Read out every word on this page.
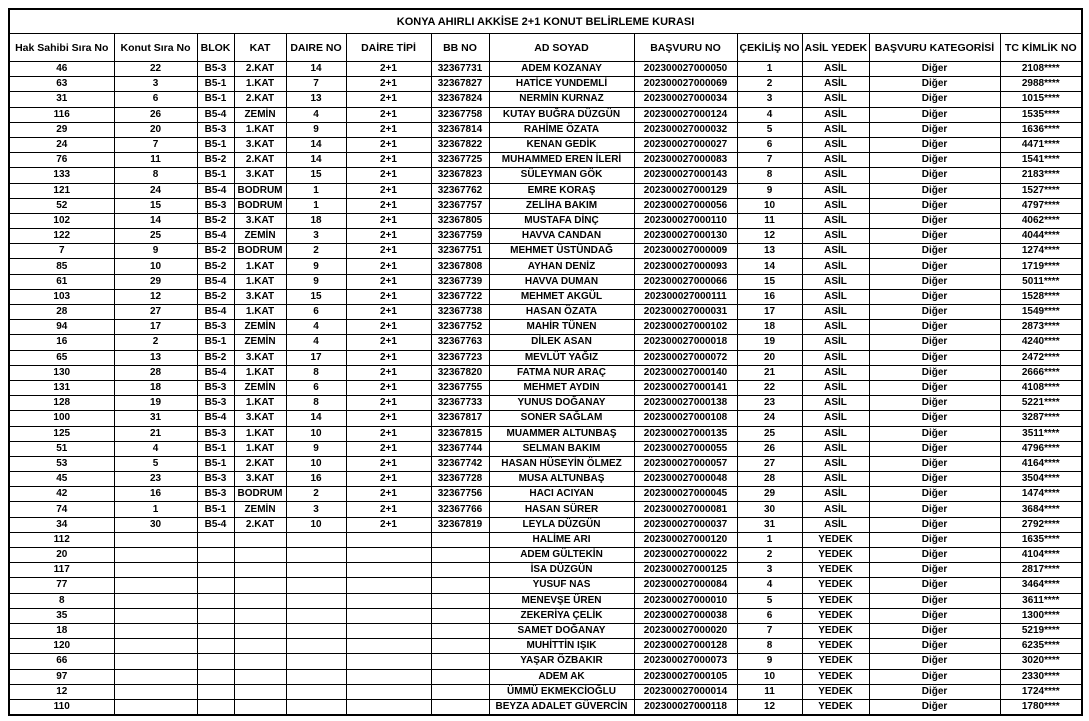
KONYA AHIRLI AKKİSE 2+1 KONUT BELİRLEME KURASI												
Hak Sahibi Sıra No	Konut Sıra No	BLOK	KAT	DAIRE NO	DAİRE TİPİ	BB NO	AD SOYAD	BAŞVURU NO	ÇEKİLİŞ NO	ASİL YEDEK	BAŞVURU KATEGORİSİ	TC KİMLİK NO
46	22	B5-3	2.KAT	14	2+1	32367731	ADEM KOZANAY	202300027000050	1	ASİL	Diğer	2108****
63	3	B5-1	1.KAT	7	2+1	32367827	HATİCE YUNDEMLİ	202300027000069	2	ASİL	Diğer	2988****
31	6	B5-1	2.KAT	13	2+1	32367824	NERMİN KURNAZ	202300027000034	3	ASİL	Diğer	1015****
116	26	B5-4	ZEMİN	4	2+1	32367758	KUTAY BUĞRA DÜZGÜN	202300027000124	4	ASİL	Diğer	1535****
29	20	B5-3	1.KAT	9	2+1	32367814	RAHİME ÖZATA	202300027000032	5	ASİL	Diğer	1636****
24	7	B5-1	3.KAT	14	2+1	32367822	KENAN GEDİK	202300027000027	6	ASİL	Diğer	4471****
76	11	B5-2	2.KAT	14	2+1	32367725	MUHAMMED EREN İLERİ	202300027000083	7	ASİL	Diğer	1541****
133	8	B5-1	3.KAT	15	2+1	32367823	SÜLEYMAN GÖK	202300027000143	8	ASİL	Diğer	2183****
121	24	B5-4	BODRUM	1	2+1	32367762	EMRE KORAŞ	202300027000129	9	ASİL	Diğer	1527****
52	15	B5-3	BODRUM	1	2+1	32367757	ZELİHA BAKIM	202300027000056	10	ASİL	Diğer	4797****
102	14	B5-2	3.KAT	18	2+1	32367805	MUSTAFA DİNÇ	202300027000110	11	ASİL	Diğer	4062****
122	25	B5-4	ZEMİN	3	2+1	32367759	HAVVA CANDAN	202300027000130	12	ASİL	Diğer	4044****
7	9	B5-2	BODRUM	2	2+1	32367751	MEHMET ÜSTÜNDAĞ	202300027000009	13	ASİL	Diğer	1274****
85	10	B5-2	1.KAT	9	2+1	32367808	AYHAN DENİZ	202300027000093	14	ASİL	Diğer	1719****
61	29	B5-4	1.KAT	9	2+1	32367739	HAVVA DUMAN	202300027000066	15	ASİL	Diğer	5011****
103	12	B5-2	3.KAT	15	2+1	32367722	MEHMET AKGÜL	202300027000111	16	ASİL	Diğer	1528****
28	27	B5-4	1.KAT	6	2+1	32367738	HASAN ÖZATA	202300027000031	17	ASİL	Diğer	1549****
94	17	B5-3	ZEMİN	4	2+1	32367752	MAHİR TÜNEN	202300027000102	18	ASİL	Diğer	2873****
16	2	B5-1	ZEMİN	4	2+1	32367763	DİLEK ASAN	202300027000018	19	ASİL	Diğer	4240****
65	13	B5-2	3.KAT	17	2+1	32367723	MEVLÜT YAĞIZ	202300027000072	20	ASİL	Diğer	2472****
130	28	B5-4	1.KAT	8	2+1	32367820	FATMA NUR ARAÇ	202300027000140	21	ASİL	Diğer	2666****
131	18	B5-3	ZEMİN	6	2+1	32367755	MEHMET AYDIN	202300027000141	22	ASİL	Diğer	4108****
128	19	B5-3	1.KAT	8	2+1	32367733	YUNUS DOĞANAY	202300027000138	23	ASİL	Diğer	5221****
100	31	B5-4	3.KAT	14	2+1	32367817	SONER SAĞLAM	202300027000108	24	ASİL	Diğer	3287****
125	21	B5-3	1.KAT	10	2+1	32367815	MUAMMER ALTUNBAŞ	202300027000135	25	ASİL	Diğer	3511****
51	4	B5-1	1.KAT	9	2+1	32367744	SELMAN BAKIM	202300027000055	26	ASİL	Diğer	4796****
53	5	B5-1	2.KAT	10	2+1	32367742	HASAN HÜSEYİN ÖLMEZ	202300027000057	27	ASİL	Diğer	4164****
45	23	B5-3	3.KAT	16	2+1	32367728	MUSA ALTUNBAŞ	202300027000048	28	ASİL	Diğer	3504****
42	16	B5-3	BODRUM	2	2+1	32367756	HACI ACIYAN	202300027000045	29	ASİL	Diğer	1474****
74	1	B5-1	ZEMİN	3	2+1	32367766	HASAN SÜRER	202300027000081	30	ASİL	Diğer	3684****
34	30	B5-4	2.KAT	10	2+1	32367819	LEYLA DÜZGÜN	202300027000037	31	ASİL	Diğer	2792****
112							HALİME ARI	202300027000120	1	YEDEK	Diğer	1635****
20							ADEM GÜLTEKİN	202300027000022	2	YEDEK	Diğer	4104****
117							İSA DÜZGÜN	202300027000125	3	YEDEK	Diğer	2817****
77							YUSUF NAS	202300027000084	4	YEDEK	Diğer	3464****
8							MENEVŞE ÜREN	202300027000010	5	YEDEK	Diğer	3611****
35							ZEKERİYA ÇELİK	202300027000038	6	YEDEK	Diğer	1300****
18							SAMET DOĞANAY	202300027000020	7	YEDEK	Diğer	5219****
120							MUHİTTİN IŞIK	202300027000128	8	YEDEK	Diğer	6235****
66							YAŞAR ÖZBAKIR	202300027000073	9	YEDEK	Diğer	3020****
97							ADEM AK	202300027000105	10	YEDEK	Diğer	2330****
12							ÜMMÜ EKMEKCİOĞLU	202300027000014	11	YEDEK	Diğer	1724****
110							BEYZA ADALET GÜVERCİN	202300027000118	12	YEDEK	Diğer	1780****
